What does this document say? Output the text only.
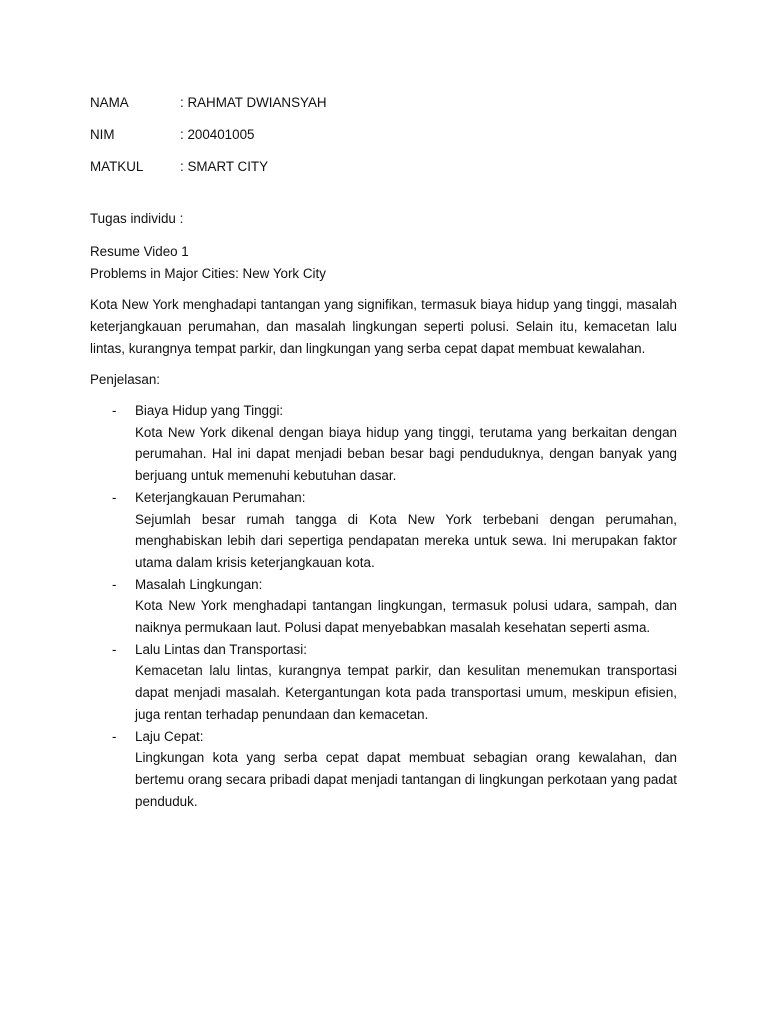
NAMA	: RAHMAT DWIANSYAH
NIM	: 200401005
MATKUL	: SMART CITY
Tugas individu :
Resume Video 1
Problems in Major Cities: New York City

Kota New York menghadapi tantangan yang signifikan, termasuk biaya hidup yang tinggi, masalah keterjangkauan perumahan, dan masalah lingkungan seperti polusi. Selain itu, kemacetan lalu lintas, kurangnya tempat parkir, dan lingkungan yang serba cepat dapat membuat kewalahan.

Penjelasan:
- Biaya Hidup yang Tinggi:
Kota New York dikenal dengan biaya hidup yang tinggi, terutama yang berkaitan dengan perumahan. Hal ini dapat menjadi beban besar bagi penduduknya, dengan banyak yang berjuang untuk memenuhi kebutuhan dasar.
- Keterjangkauan Perumahan:
Sejumlah besar rumah tangga di Kota New York terbebani dengan perumahan, menghabiskan lebih dari sepertiga pendapatan mereka untuk sewa. Ini merupakan faktor utama dalam krisis keterjangkauan kota.
- Masalah Lingkungan:
Kota New York menghadapi tantangan lingkungan, termasuk polusi udara, sampah, dan naiknya permukaan laut. Polusi dapat menyebabkan masalah kesehatan seperti asma.
- Lalu Lintas dan Transportasi:
Kemacetan lalu lintas, kurangnya tempat parkir, dan kesulitan menemukan transportasi dapat menjadi masalah. Ketergantungan kota pada transportasi umum, meskipun efisien, juga rentan terhadap penundaan dan kemacetan.
- Laju Cepat:
Lingkungan kota yang serba cepat dapat membuat sebagian orang kewalahan, dan bertemu orang secara pribadi dapat menjadi tantangan di lingkungan perkotaan yang padat penduduk.
